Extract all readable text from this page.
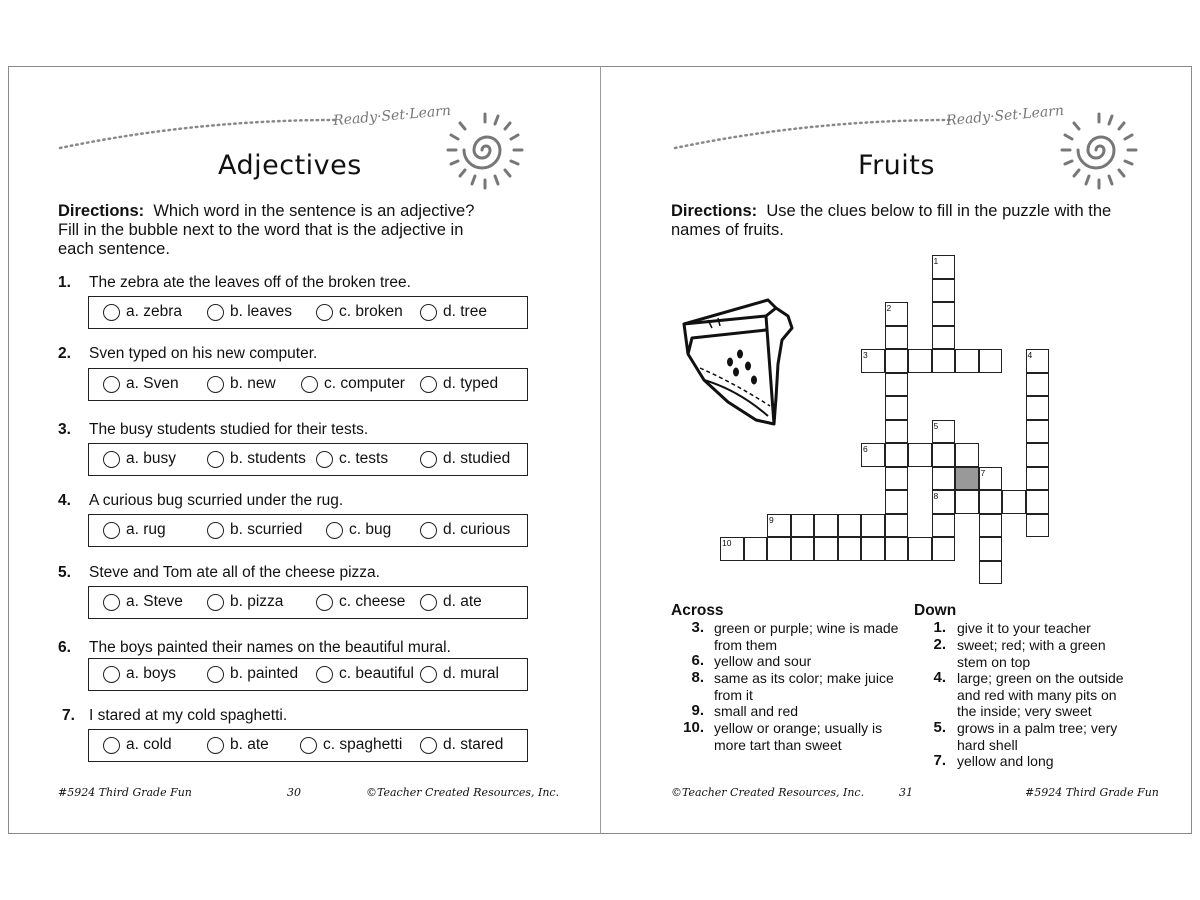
Ready·Set·Learn
Adjectives
Directions: Which word in the sentence is an adjective? Fill in the bubble next to the word that is the adjective in each sentence.
1. The zebra ate the leaves off of the broken tree.
a. zebra	b. leaves	c. broken	d. tree
2. Sven typed on his new computer.
a. Sven	b. new	c. computer d. typed
3. The busy students studied for their tests.
a. busy	b. students c. tests	d. studied
4. A curious bug scurried under the rug.
a. rug	b. scurried	c. bug	d. curious
5. Steve and Tom ate all of the cheese pizza.
a. Steve	b. pizza	c. cheese d. ate
6. The boys painted their names on the beautiful mural.
a. boys	b. painted	c. beautiful d. mural
7. I stared at my cold spaghetti.
a. cold	b. ate	c. spaghetti	d. stared
#5924 Third Grade Fun	30	©Teacher Created Resources, Inc.
Ready·Set·Learn
Fruits
Directions: Use the clues below to fill in the puzzle with the names of fruits.
1
2
3	4
5
6
7
8
9
10
Across	Down
3. green or purple; wine is made from them
6. yellow and sour
8. same as its color; make juice from it
9. small and red
10. yellow or orange; usually is more tart than sweet
1. give it to your teacher
2. sweet; red; with a green stem on top
4. large; green on the outside and red with many pits on the inside; very sweet
5. grows in a palm tree; very hard shell
7. yellow and long
©Teacher Created Resources, Inc.	31	#5924 Third Grade Fun
